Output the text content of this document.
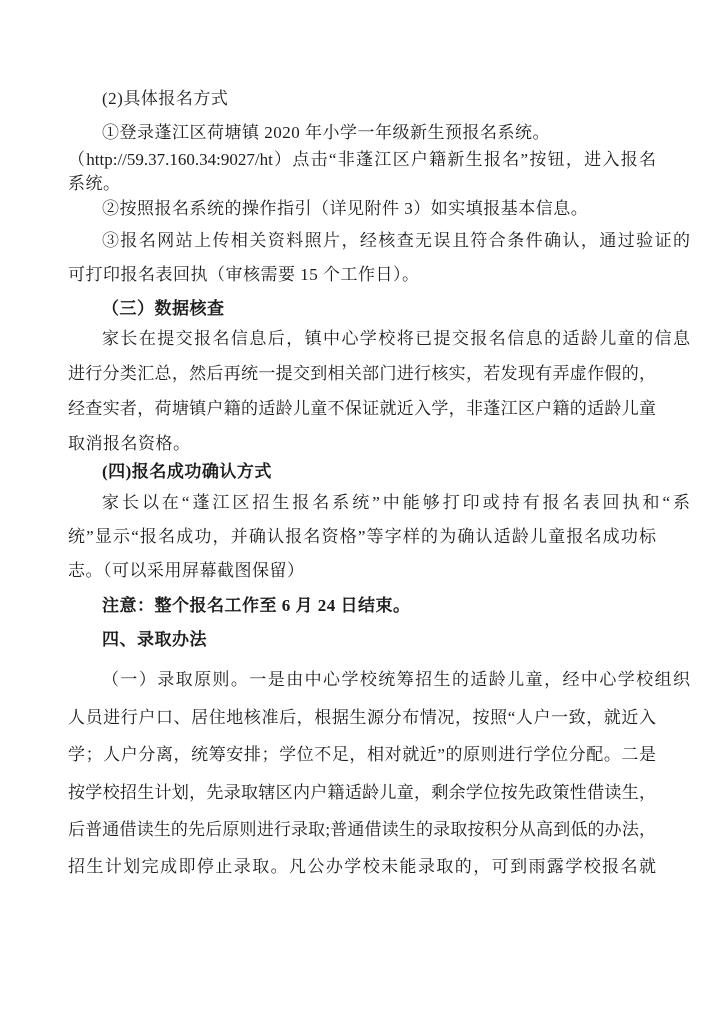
(2)具体报名方式
①登录蓬江区荷塘镇 2020 年小学一年级新生预报名系统。
（http://59.37.160.34:9027/ht）点击“非蓬江区户籍新生报名”按钮，进入报名
系统。
②按照报名系统的操作指引（详见附件 3）如实填报基本信息。
③报名网站上传相关资料照片，经核查无误且符合条件确认，通过验证的
可打印报名表回执（审核需要 15 个工作日）。
（三）数据核查
家长在提交报名信息后，镇中心学校将已提交报名信息的适龄儿童的信息
进行分类汇总，然后再统一提交到相关部门进行核实，若发现有弄虚作假的，
经查实者，荷塘镇户籍的适龄儿童不保证就近入学，非蓬江区户籍的适龄儿童
取消报名资格。
(四)报名成功确认方式
家长以在“蓬江区招生报名系统”中能够打印或持有报名表回执和“系
统”显示“报名成功，并确认报名资格”等字样的为确认适龄儿童报名成功标
志。（可以采用屏幕截图保留）
注意：整个报名工作至 6 月 24 日结束。
四、录取办法
（一）录取原则。一是由中心学校统筹招生的适龄儿童，经中心学校组织
人员进行户口、居住地核准后，根据生源分布情况，按照“人户一致，就近入
学；人户分离，统筹安排；学位不足，相对就近”的原则进行学位分配。二是
按学校招生计划，先录取辖区内户籍适龄儿童，剩余学位按先政策性借读生，
后普通借读生的先后原则进行录取;普通借读生的录取按积分从高到低的办法，
招生计划完成即停止录取。凡公办学校未能录取的，可到雨露学校报名就
